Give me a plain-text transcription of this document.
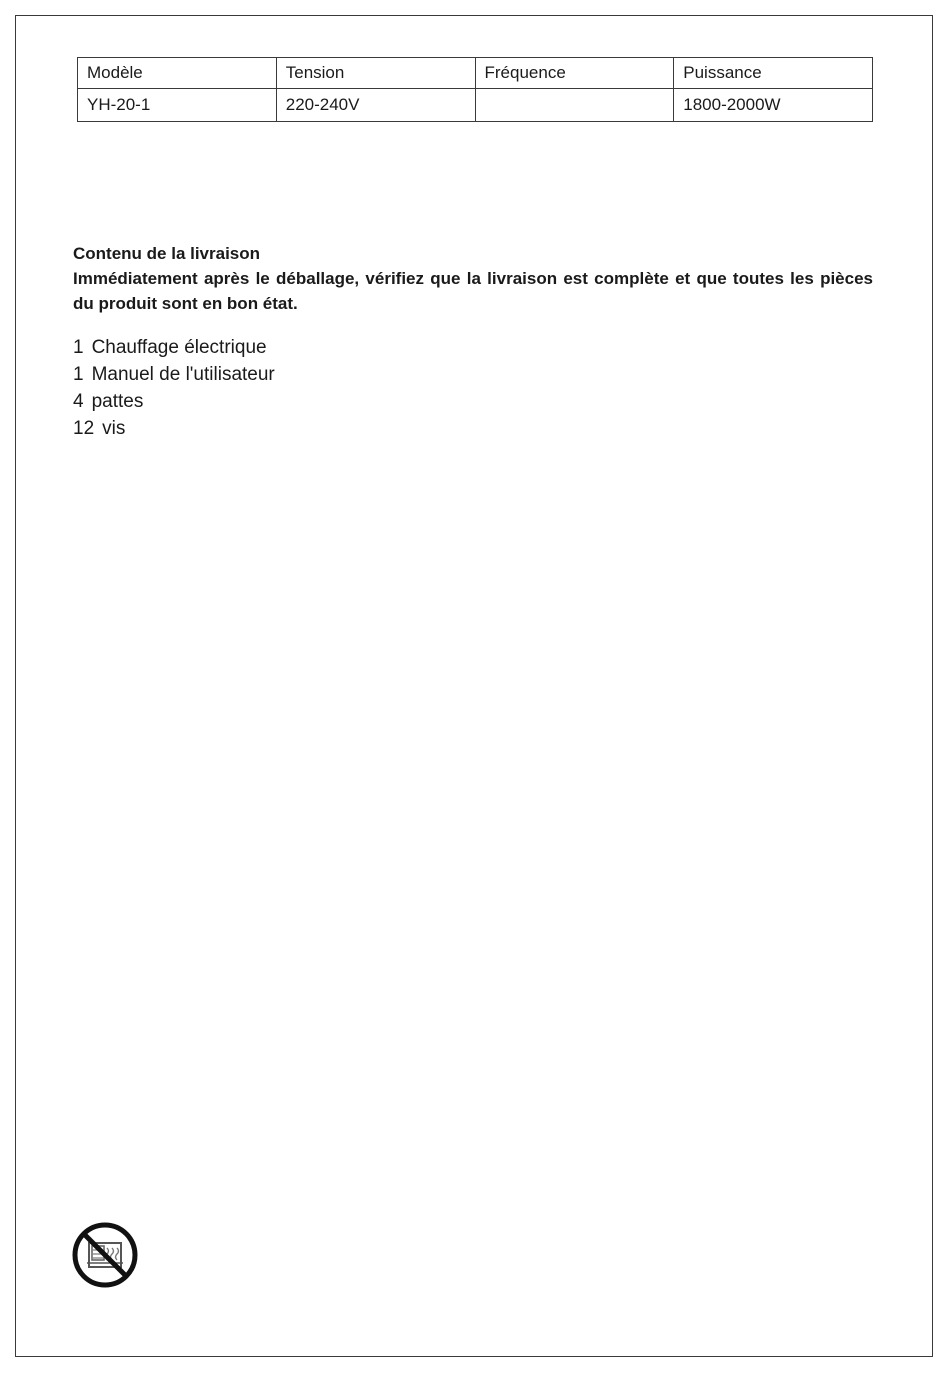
Modèle	Tension	Fréquence	Puissance
YH-20-1	220-240V		1800-2000W

Contenu de la livraison

Immédiatement après le déballage, vérifiez que la livraison est complète et que toutes les pièces du produit sont en bon état.

1 Chauffage électrique
1 Manuel de l'utilisateur
4 pattes
12 vis
